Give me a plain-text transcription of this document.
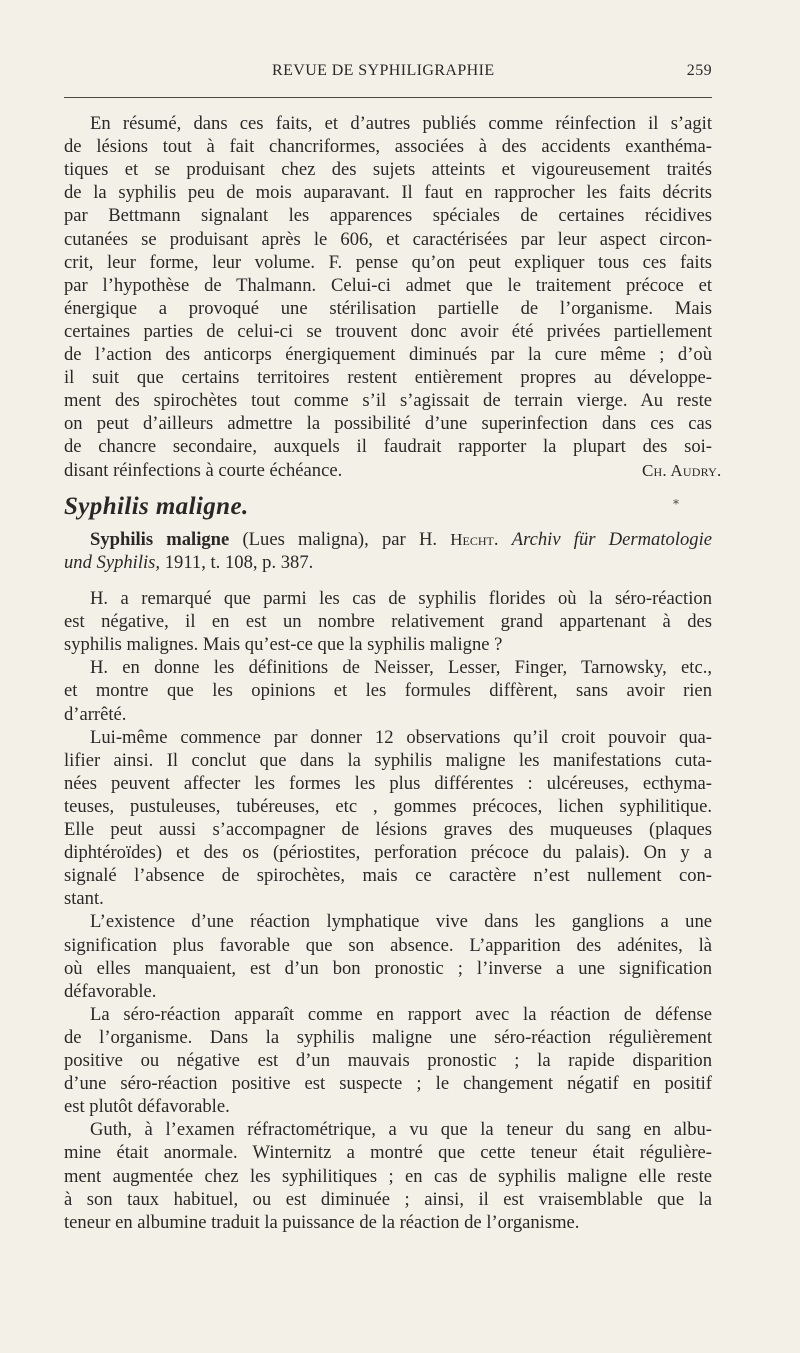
REVUE DE SYPHILIGRAPHIE	259
En résumé, dans ces faits, et d’autres publiés comme réinfection il s’agit
de lésions tout à fait chancriformes, associées à des accidents exanthéma-
tiques et se produisant chez des sujets atteints et vigoureusement traités
de la syphilis peu de mois auparavant. Il faut en rapprocher les faits décrits
par Bettmann signalant les apparences spéciales de certaines récidives
cutanées se produisant après le 606, et caractérisées par leur aspect circon-
crit, leur forme, leur volume. F. pense qu’on peut expliquer tous ces faits
par l’hypothèse de Thalmann. Celui-ci admet que le traitement précoce et
énergique a provoqué une stérilisation partielle de l’organisme. Mais
certaines parties de celui-ci se trouvent donc avoir été privées partiellement
de l’action des anticorps énergiquement diminués par la cure même ; d’où
il suit que certains territoires restent entièrement propres au développe-
ment des spirochètes tout comme s’il s’agissait de terrain vierge. Au reste
on peut d’ailleurs admettre la possibilité d’une superinfection dans ces cas
de chancre secondaire, auxquels il faudrait rapporter la plupart des soi-
disant réinfections à courte échéance.	Ch. Audry.
Syphilis maligne.	*
Syphilis maligne (Lues maligna), par H. Hecht. Archiv für Dermatologie
und Syphilis, 1911, t. 108, p. 387.
H. a remarqué que parmi les cas de syphilis florides où la séro-réaction
est négative, il en est un nombre relativement grand appartenant à des
syphilis malignes. Mais qu’est-ce que la syphilis maligne ?
H. en donne les définitions de Neisser, Lesser, Finger, Tarnowsky, etc.,
et montre que les opinions et les formules diffèrent, sans avoir rien
d’arrêté.
Lui-même commence par donner 12 observations qu’il croit pouvoir qua-
lifier ainsi. Il conclut que dans la syphilis maligne les manifestations cuta-
nées peuvent affecter les formes les plus différentes : ulcéreuses, ecthyma-
teuses, pustuleuses, tubéreuses, etc , gommes précoces, lichen syphilitique.
Elle peut aussi s’accompagner de lésions graves des muqueuses (plaques
diphtéroïdes) et des os (périostites, perforation précoce du palais). On y a
signalé l’absence de spirochètes, mais ce caractère n’est nullement con-
stant.
L’existence d’une réaction lymphatique vive dans les ganglions a une
signification plus favorable que son absence. L’apparition des adénites, là
où elles manquaient, est d’un bon pronostic ; l’inverse a une signification
défavorable.
La séro-réaction apparaît comme en rapport avec la réaction de défense
de l’organisme. Dans la syphilis maligne une séro-réaction régulièrement
positive ou négative est d’un mauvais pronostic ; la rapide disparition
d’une séro-réaction positive est suspecte ; le changement négatif en positif
est plutôt défavorable.
Guth, à l’examen réfractométrique, a vu que la teneur du sang en albu-
mine était anormale. Winternitz a montré que cette teneur était régulière-
ment augmentée chez les syphilitiques ; en cas de syphilis maligne elle reste
à son taux habituel, ou est diminuée ; ainsi, il est vraisemblable que la
teneur en albumine traduit la puissance de la réaction de l’organisme.
